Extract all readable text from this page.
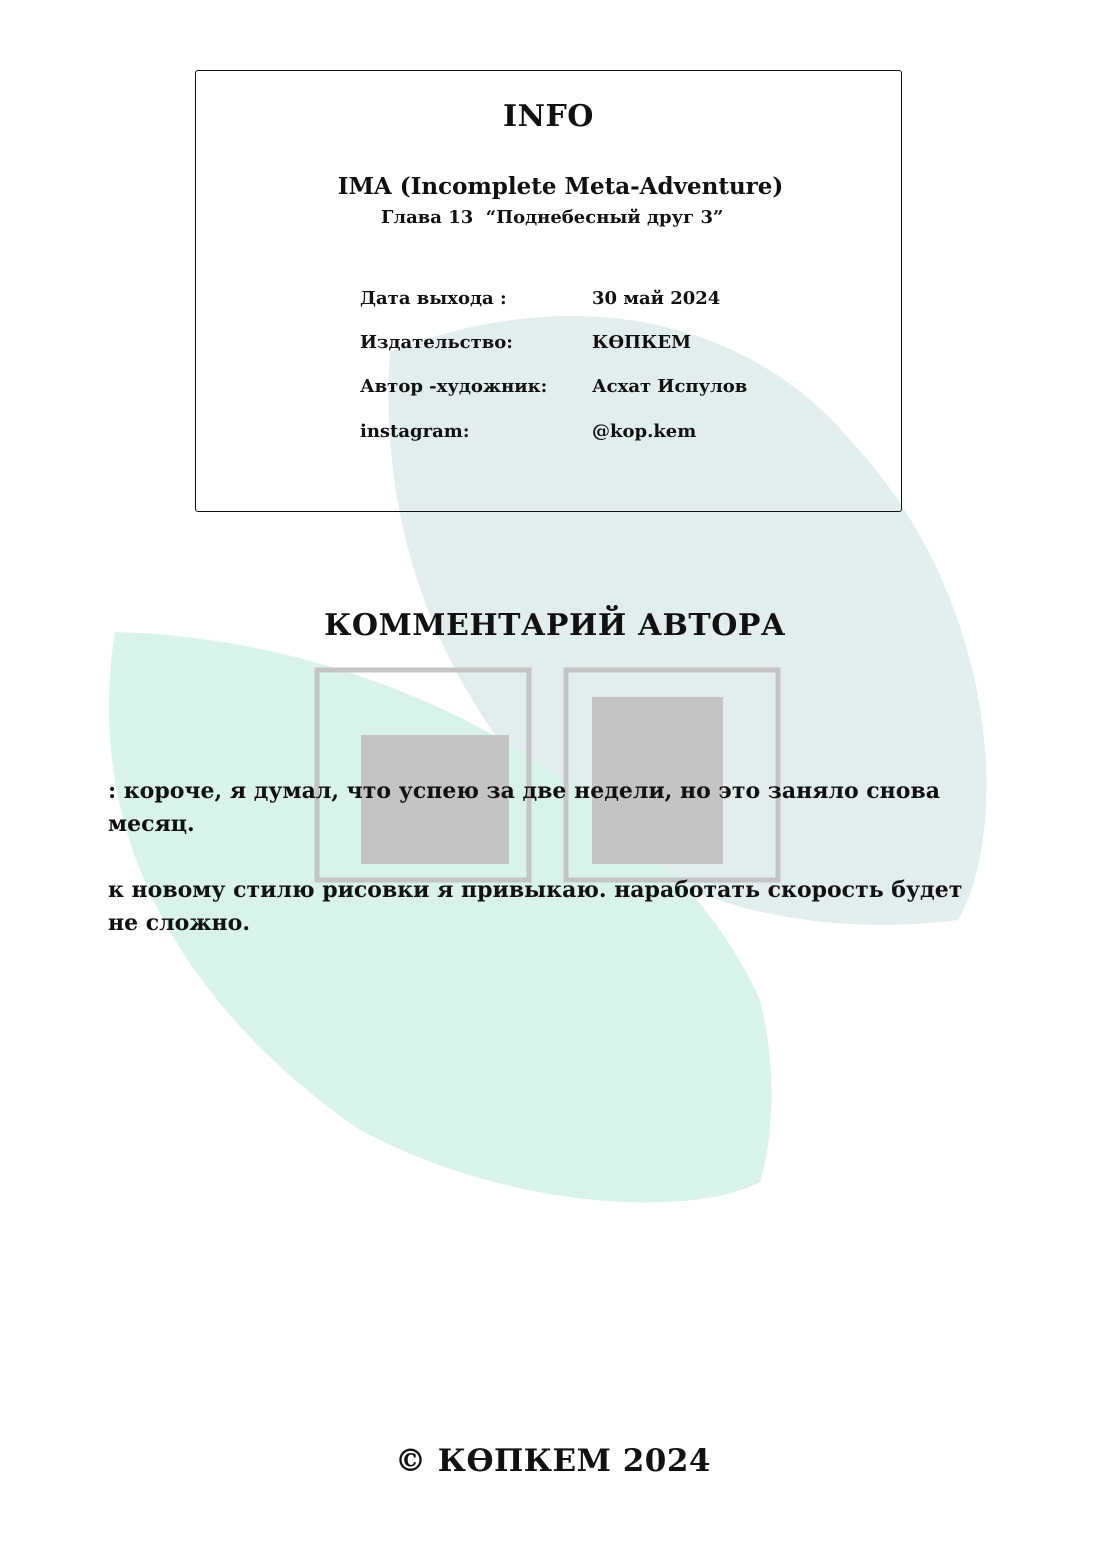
INFO
IMA (Incomplete Meta-Adventure)
Глава 13  “Поднебесный друг 3”
Дата выхода :	30 май 2024
Издательство:	КӨПКЕМ
Автор -художник: Асхат Испулов
instagram:	@kop.kem
КОММЕНТАРИЙ АВТОРА

: короче, я думал, что успею за две недели, но это заняло снова месяц.

к новому стилю рисовки я привыкаю. наработать скорость будет не сложно.

© КӨПКЕМ 2024
